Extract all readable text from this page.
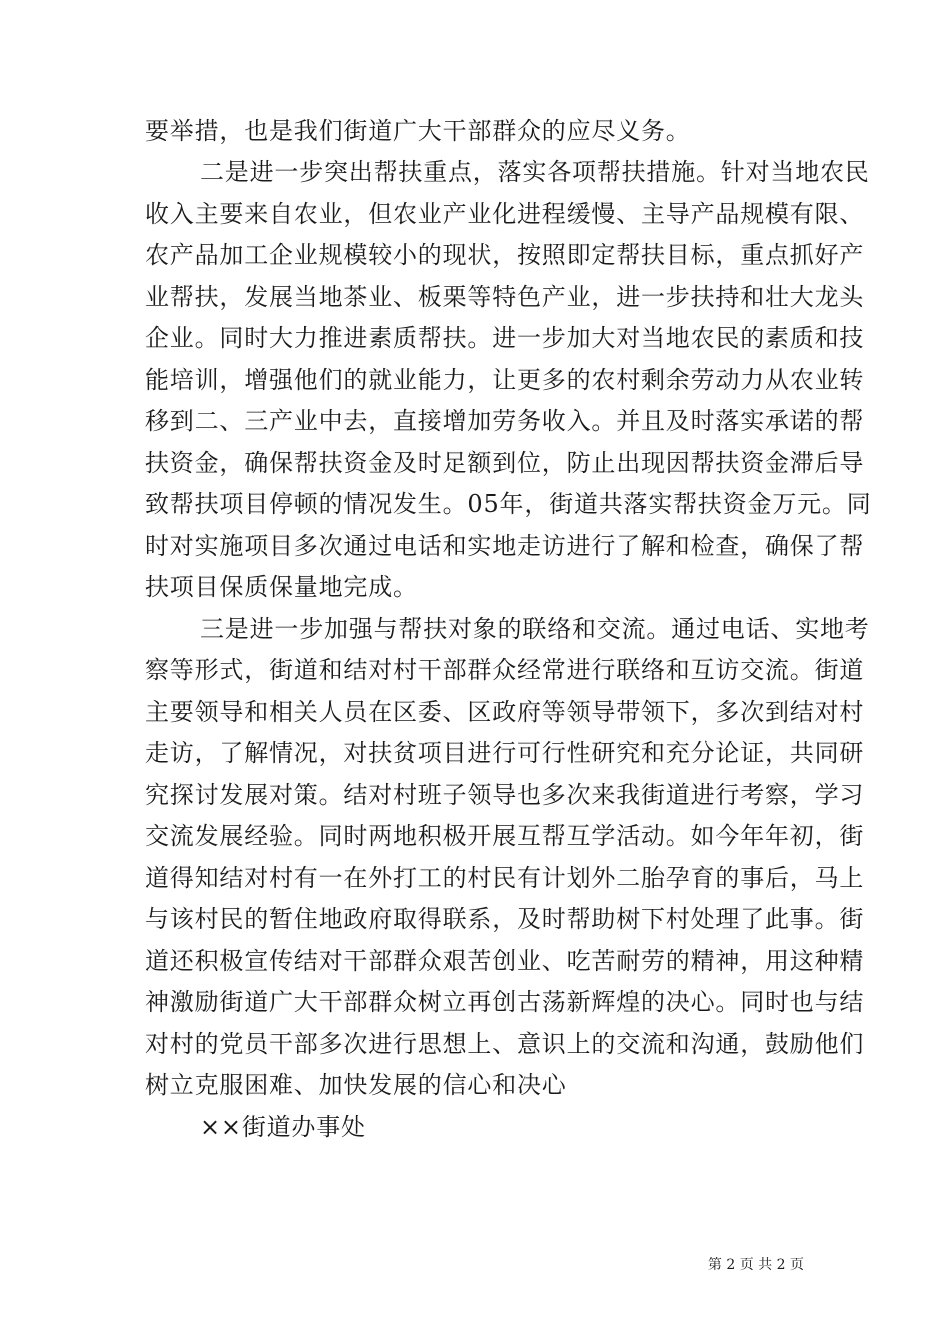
要举措，也是我们街道广大干部群众的应尽义务。
二是进一步突出帮扶重点，落实各项帮扶措施。针对当地农民
收入主要来自农业，但农业产业化进程缓慢、主导产品规模有限、
农产品加工企业规模较小的现状，按照即定帮扶目标，重点抓好产
业帮扶，发展当地茶业、板栗等特色产业，进一步扶持和壮大龙头
企业。同时大力推进素质帮扶。进一步加大对当地农民的素质和技
能培训，增强他们的就业能力，让更多的农村剩余劳动力从农业转
移到二、三产业中去，直接增加劳务收入。并且及时落实承诺的帮
扶资金，确保帮扶资金及时足额到位，防止出现因帮扶资金滞后导
致帮扶项目停顿的情况发生。05年，街道共落实帮扶资金万元。同
时对实施项目多次通过电话和实地走访进行了解和检查，确保了帮
扶项目保质保量地完成。
三是进一步加强与帮扶对象的联络和交流。通过电话、实地考
察等形式，街道和结对村干部群众经常进行联络和互访交流。街道
主要领导和相关人员在区委、区政府等领导带领下，多次到结对村
走访，了解情况，对扶贫项目进行可行性研究和充分论证，共同研
究探讨发展对策。结对村班子领导也多次来我街道进行考察，学习
交流发展经验。同时两地积极开展互帮互学活动。如今年年初，街
道得知结对村有一在外打工的村民有计划外二胎孕育的事后，马上
与该村民的暂住地政府取得联系，及时帮助树下村处理了此事。街
道还积极宣传结对干部群众艰苦创业、吃苦耐劳的精神，用这种精
神激励街道广大干部群众树立再创古荡新辉煌的决心。同时也与结
对村的党员干部多次进行思想上、意识上的交流和沟通，鼓励他们
树立克服困难、加快发展的信心和决心
××街道办事处
第 2 页 共 2 页
